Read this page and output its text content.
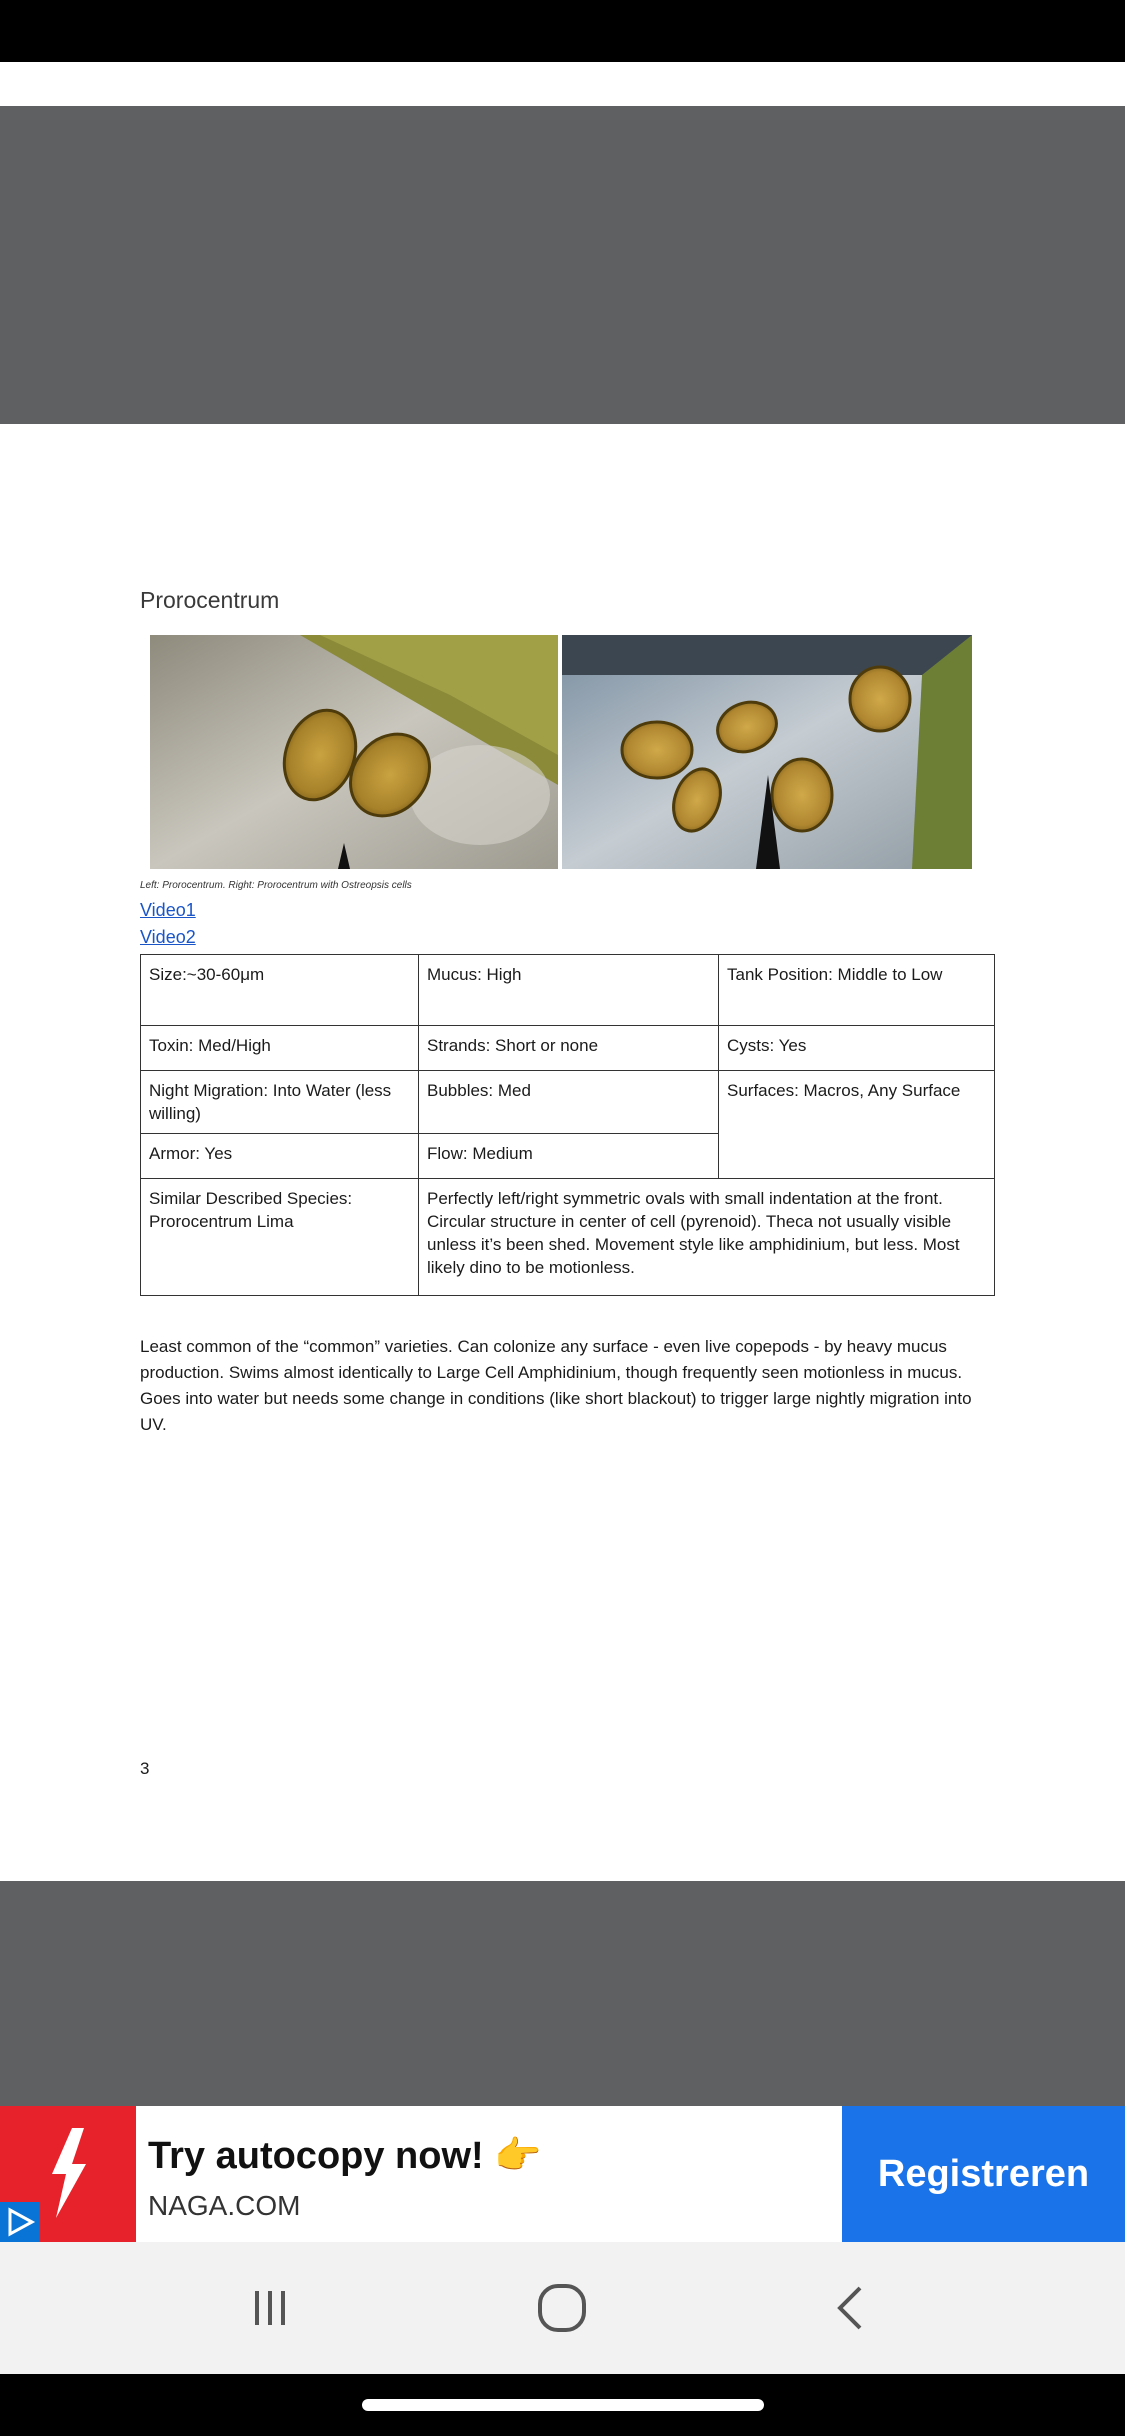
Prorocentrum
Left: Prorocentrum. Right: Prorocentrum with Ostreopsis cells
Video1
Video2
Size:~30-60μm	Mucus: High	Tank Position: Middle to Low
Toxin: Med/High	Strands: Short or none	Cysts: Yes
Night Migration: Into Water (less willing)	Bubbles: Med	Surfaces: Macros, Any Surface
Armor: Yes	Flow: Medium	
Similar Described Species: Prorocentrum Lima	Perfectly left/right symmetric ovals with small indentation at the front. Circular structure in center of cell (pyrenoid). Theca not usually visible unless it’s been shed. Movement style like amphidinium, but less. Most likely dino to be motionless.	
Least common of the “common” varieties. Can colonize any surface - even live copepods - by heavy mucus production. Swims almost identically to Large Cell Amphidinium, though frequently seen motionless in mucus. Goes into water but needs some change in conditions (like short blackout) to trigger large nightly migration into UV.
3
Try autocopy now! 👉
NAGA.COM
Registreren
